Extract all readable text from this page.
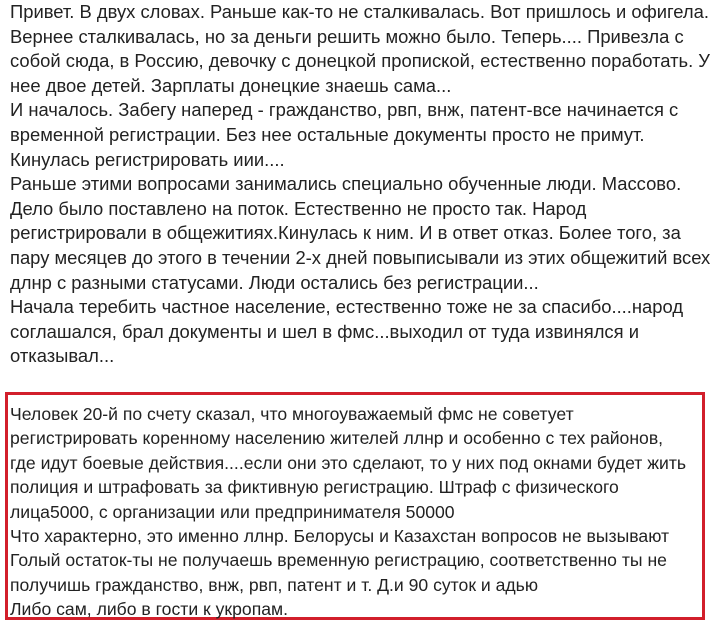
Привет. В двух словах. Раньше как-то не сталкивалась. Вот пришлось и офигела.
Вернее сталкивалась, но за деньги решить можно было. Теперь.... Привезла с
собой сюда, в Россию, девочку с донецкой пропиской, естественно поработать. У
нее двое детей. Зарплаты донецкие знаешь сама...
И началось. Забегу наперед - гражданство, рвп, внж, патент-все начинается с
временной регистрации. Без нее остальные документы просто не примут.
Кинулась регистрировать иии....
Раньше этими вопросами занимались специально обученные люди. Массово.
Дело было поставлено на поток. Естественно не просто так. Народ
регистрировали в общежитиях.Кинулась к ним. И в ответ отказ. Более того, за
пару месяцев до этого в течении 2-х дней повыписывали из этих общежитий всех
длнр с разными статусами. Люди остались без регистрации...
Начала теребить частное население, естественно тоже не за спасибо....народ
соглашался, брал документы и шел в фмс...выходил от туда извинялся и
отказывал...
Человек 20-й по счету сказал, что многоуважаемый фмс не советует
регистрировать коренному населению жителей ллнр и особенно с тех районов,
где идут боевые действия....если они это сделают, то у них под окнами будет жить
полиция и штрафовать за фиктивную регистрацию. Штраф с физического
лица5000, с организации или предпринимателя 50000
Что характерно, это именно ллнр. Белорусы и Казахстан вопросов не вызывают
Голый остаток-ты не получаешь временную регистрацию, соответственно ты не
получишь гражданство, внж, рвп, патент и т. Д.и 90 суток и адью
Либо сам, либо в гости к укропам.
